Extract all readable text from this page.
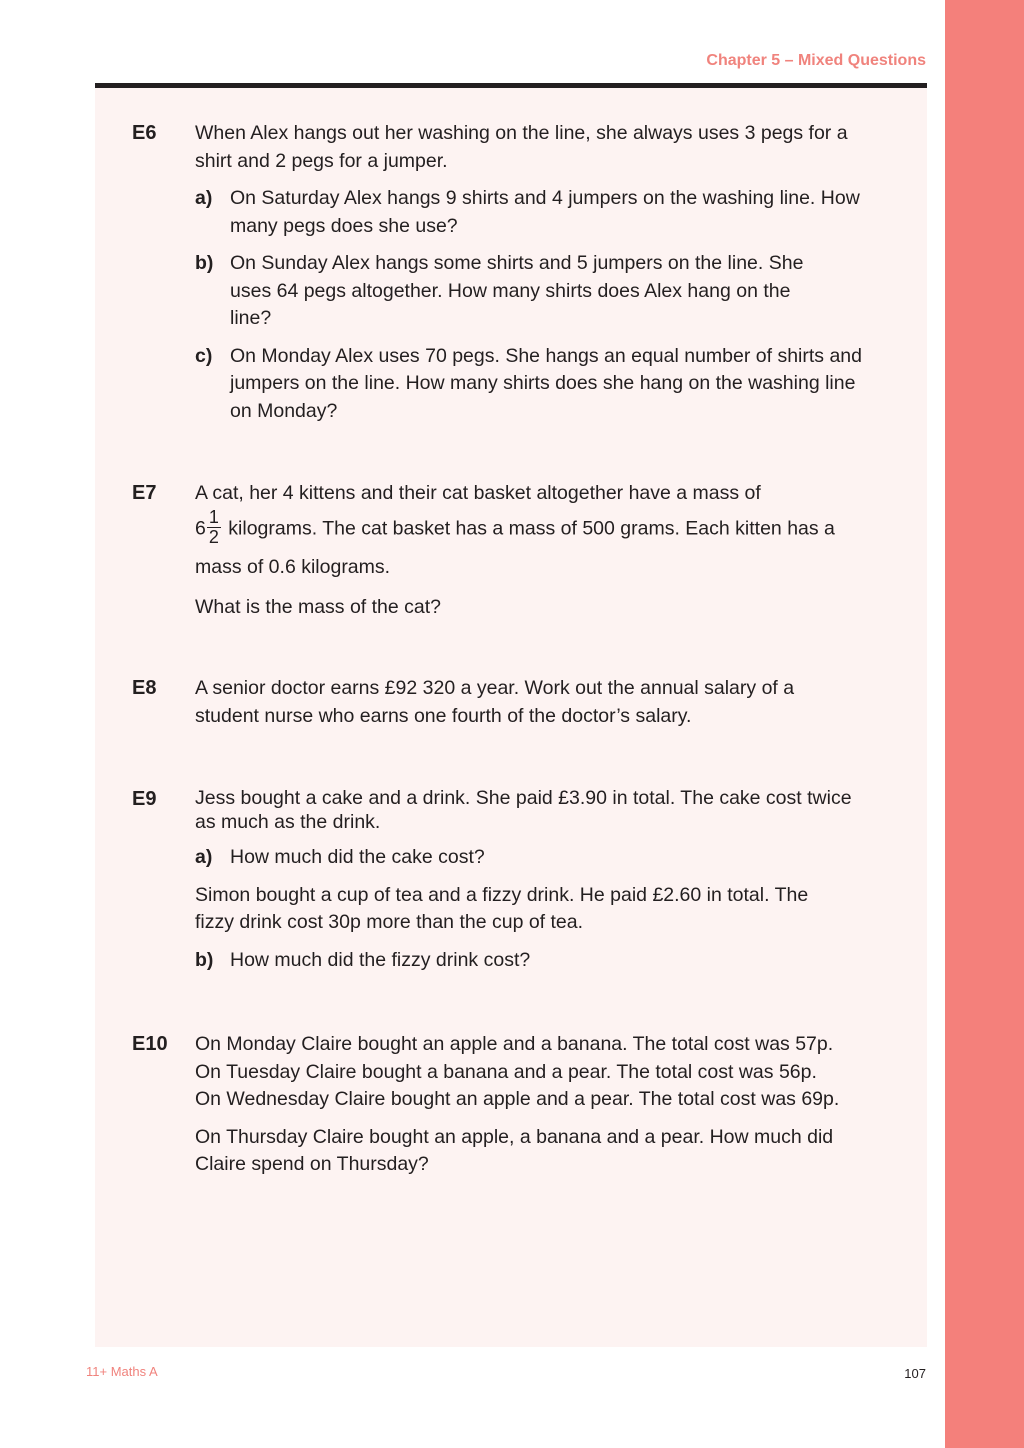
Chapter 5 – Mixed Questions
E6 When Alex hangs out her washing on the line, she always uses 3 pegs for a shirt and 2 pegs for a jumper.

a) On Saturday Alex hangs 9 shirts and 4 jumpers on the washing line. How many pegs does she use?
b) On Sunday Alex hangs some shirts and 5 jumpers on the line. She uses 64 pegs altogether. How many shirts does Alex hang on the line?
c) On Monday Alex uses 70 pegs. She hangs an equal number of shirts and jumpers on the line. How many shirts does she hang on the washing line on Monday?
E7 A cat, her 4 kittens and their cat basket altogether have a mass of

$6 \frac{1}{2}$ kilograms. The cat basket has a mass of 500 grams. Each kitten has a mass of 0.6 kilograms.

What is the mass of the cat?

E8 A senior doctor earns £92 320 a year. Work out the annual salary of a student nurse who earns one fourth of the doctor’s salary.

E9 Jess bought a cake and a drink. She paid £3.90 in total. The cake cost twice as much as the drink.

a) How much did the cake cost?

Simon bought a cup of tea and a fizzy drink. He paid £2.60 in total. The fizzy drink cost 30p more than the cup of tea.

b) How much did the fizzy drink cost?
E10 On Monday Claire bought an apple and a banana. The total cost was 57p.
On Tuesday Claire bought a banana and a pear. The total cost was 56p.

On Wednesday Claire bought an apple and a pear. The total cost was 69p.

On Thursday Claire bought an apple, a banana and a pear. How much did Claire spend on Thursday?

11+ Maths A	107
